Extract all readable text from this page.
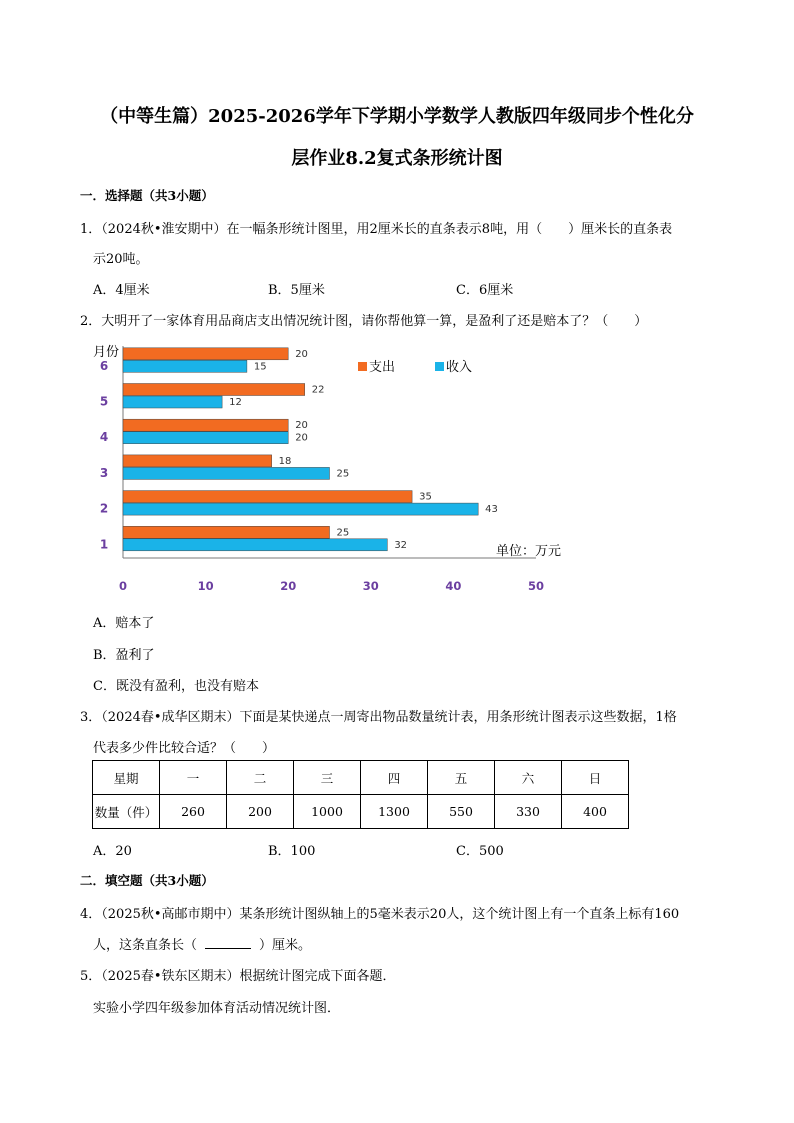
（中等生篇）2025-2026学年下学期小学数学人教版四年级同步个性化分
层作业8.2复式条形统计图
一．选择题（共3小题）
1．（2024秋•淮安期中）在一幅条形统计图里，用2厘米长的直条表示8吨，用（　　）厘米长的直条表
示20吨。
A．4厘米	B．5厘米	C．6厘米
2．大明开了一家体育用品商店支出情况统计图，请你帮他算一算，是盈利了还是赔本了？（　　）
月份
1
25
32
2
35
43
3
18
25
4
20
20
5
22
12
6
20
15
0	10	20	30	40	50
支出	收入
单位：万元
A．赔本了
B．盈利了
C．既没有盈利，也没有赔本
3．（2024春•成华区期末）下面是某快递点一周寄出物品数量统计表，用条形统计图表示这些数据，1格
代表多少件比较合适？（　　）
星期	一	二	三	四	五	六	日
数量（件）	260	200	1000	1300	550	330	400
A．20	B．100	C．500
二．填空题（共3小题）
4．（2025秋•高邮市期中）某条形统计图纵轴上的5毫米表示20人，这个统计图上有一个直条上标有160
人，这条直条长（	）厘米。
5．（2025春•铁东区期末）根据统计图完成下面各题．
实验小学四年级参加体育活动情况统计图．
